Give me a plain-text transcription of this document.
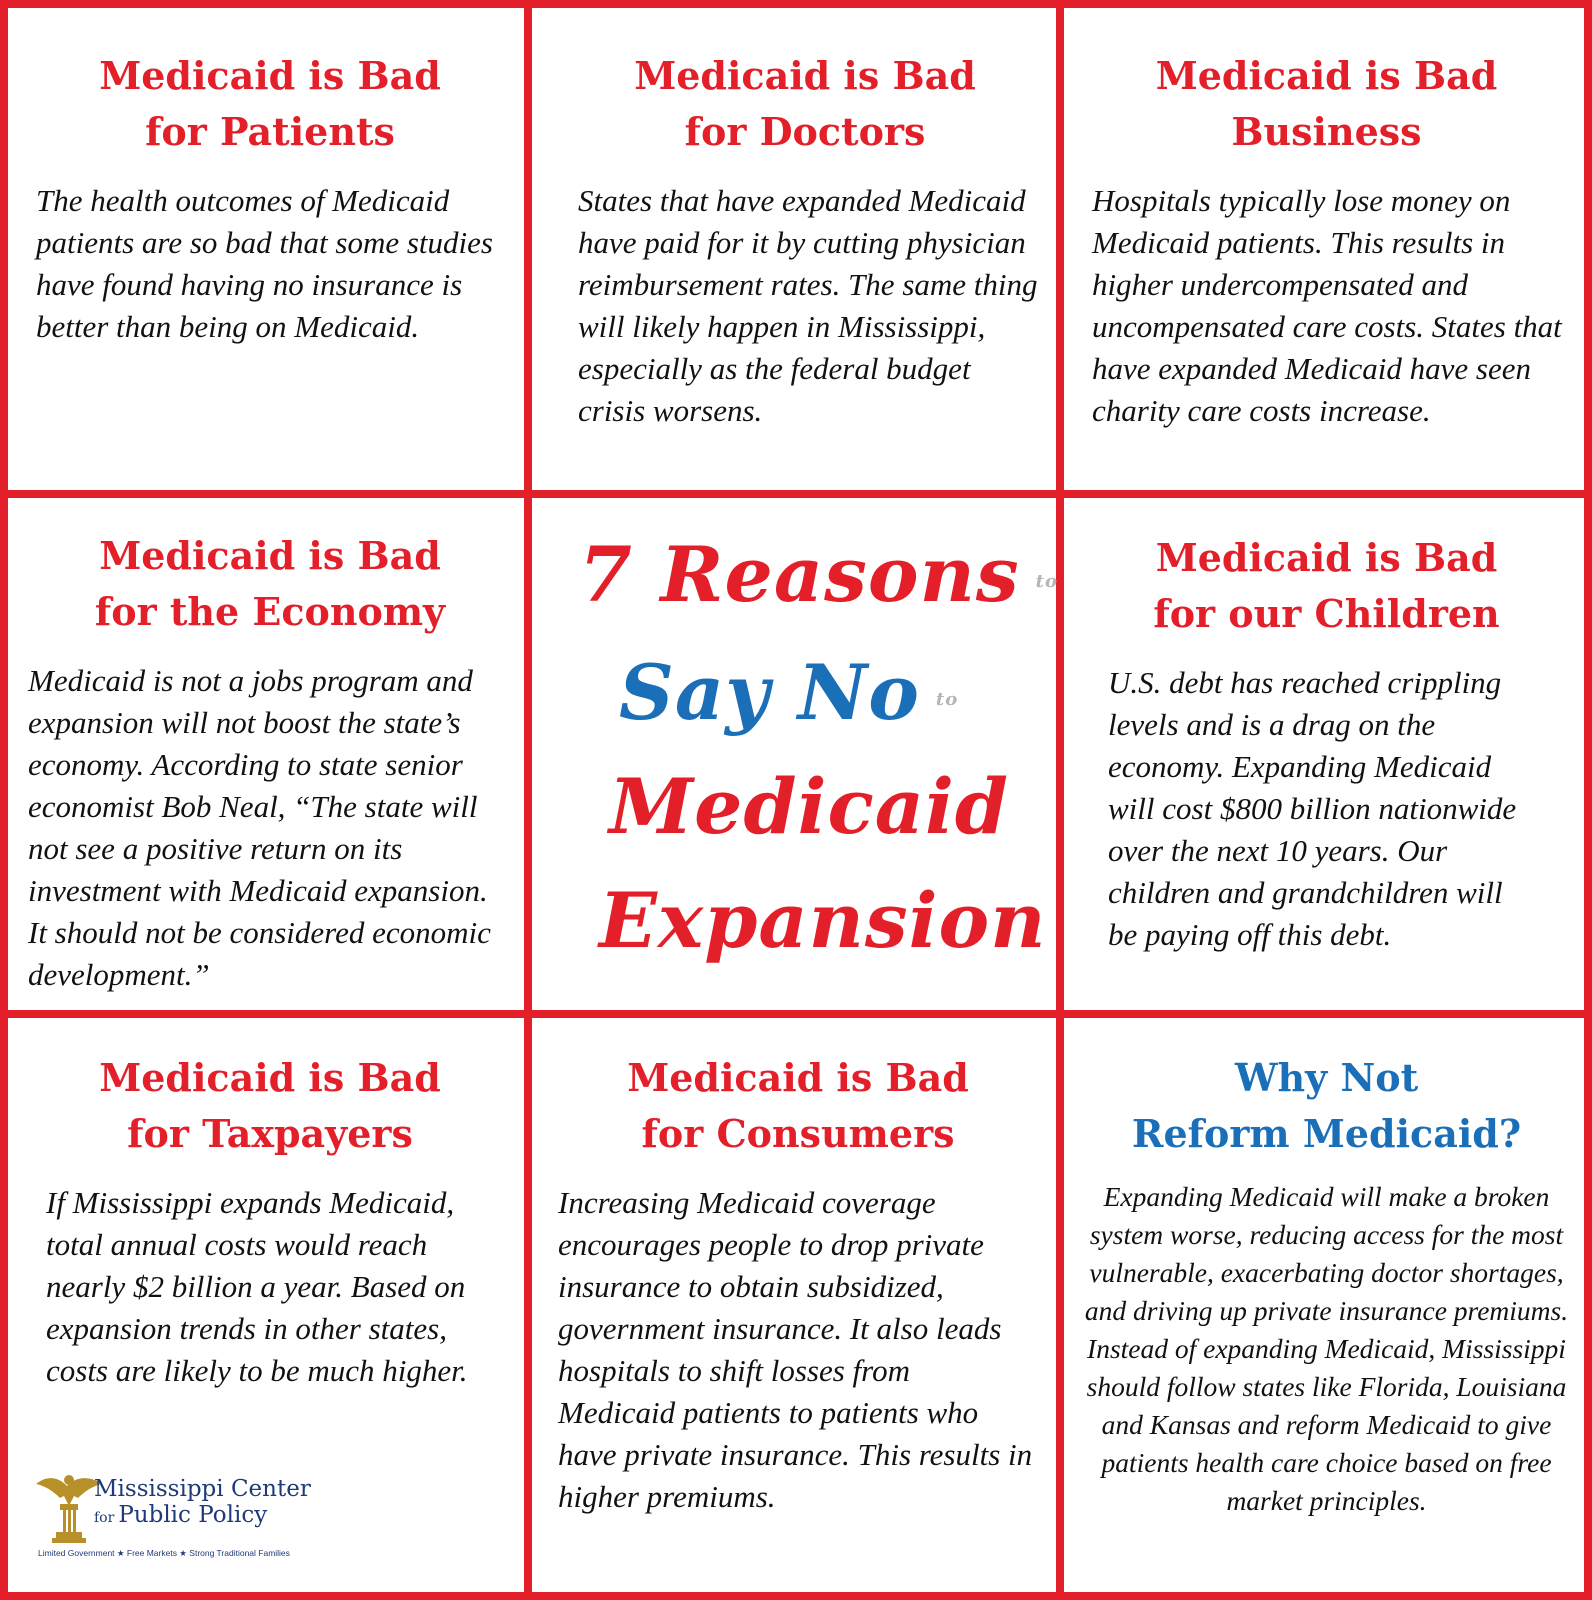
Medicaid is Bad
for Patients
The health outcomes of Medicaid patients are so bad that some studies have found having no insurance is better than being on Medicaid.
Medicaid is Bad
for Doctors
States that have expanded Medicaid have paid for it by cutting physician reimbursement rates. The same thing will likely happen in Mississippi, especially as the federal budget crisis worsens.
Medicaid is Bad
Business
Hospitals typically lose money on Medicaid patients. This results in higher undercompensated and uncompensated care costs. States that have expanded Medicaid have seen charity care costs increase.
Medicaid is Bad
for the Economy
Medicaid is not a jobs program and expansion will not boost the state’s economy. According to state senior economist Bob Neal, “The state will not see a positive return on its investment with Medicaid expansion. It should not be considered economic development.”
7 Reasons to
Say No to
Medicaid
Expansion
Medicaid is Bad
for our Children
U.S. debt has reached crippling levels and is a drag on the economy. Expanding Medicaid will cost $800 billion nationwide over the next 10 years. Our children and grandchildren will be paying off this debt.
Medicaid is Bad
for Taxpayers
If Mississippi expands Medicaid, total annual costs would reach nearly $2 billion a year. Based on expansion trends in other states, costs are likely to be much higher.
Medicaid is Bad
for Consumers
Increasing Medicaid coverage encourages people to drop private insurance to obtain subsidized, government insurance. It also leads hospitals to shift losses from Medicaid patients to patients who have private insurance. This results in higher premiums.
Why Not
Reform Medicaid?
Expanding Medicaid will make a broken system worse, reducing access for the most vulnerable, exacerbating doctor shortages, and driving up private insurance premiums. Instead of expanding Medicaid, Mississippi should follow states like Florida, Louisiana and Kansas and reform Medicaid to give patients health care choice based on free market principles.
Mississippi Center
for Public Policy
Limited Government ★ Free Markets ★ Strong Traditional Families
